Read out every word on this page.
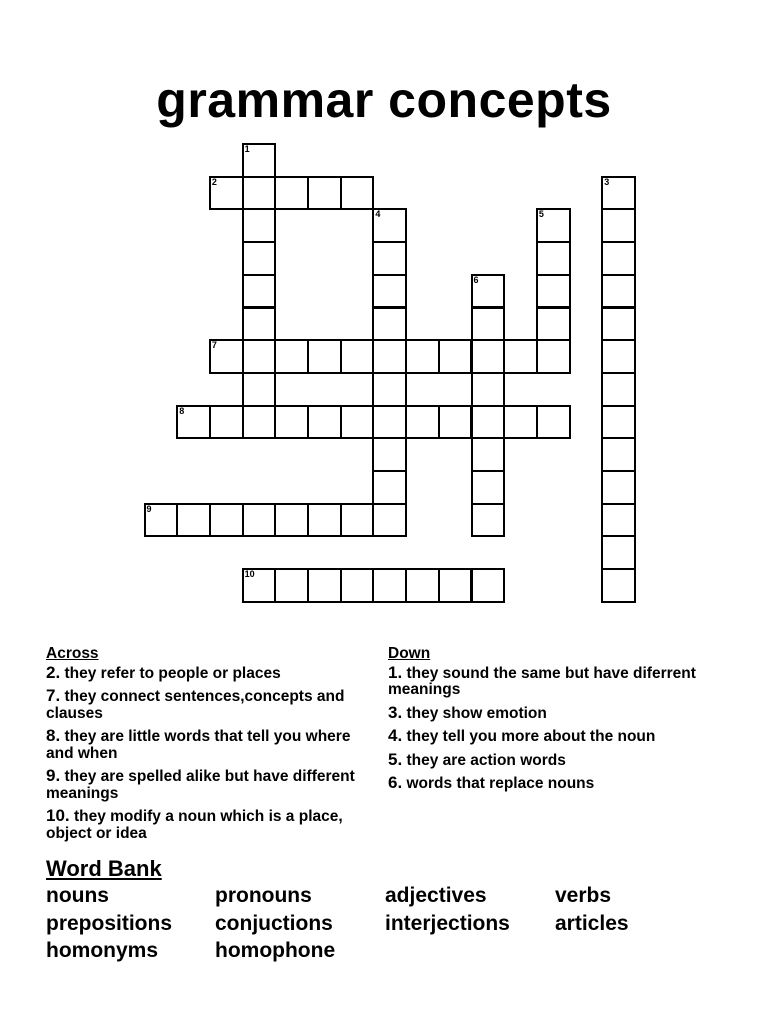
grammar concepts
1
2	3
4	5
6
7
8
9
10
Across
2. they refer to people or places
7. they connect sentences,concepts and clauses
8. they are little words that tell you where and when
9. they are spelled alike but have different meanings
10. they modify a noun which is a place, object or idea
Down
1. they sound the same but have diferrent meanings
3. they show emotion
4. they tell you more about the noun
5. they are action words
6. words that replace nouns
Word Bank
nouns	pronouns	adjectives	verbs
prepositions	conjuctions	interjections	articles
homonyms	homophone
